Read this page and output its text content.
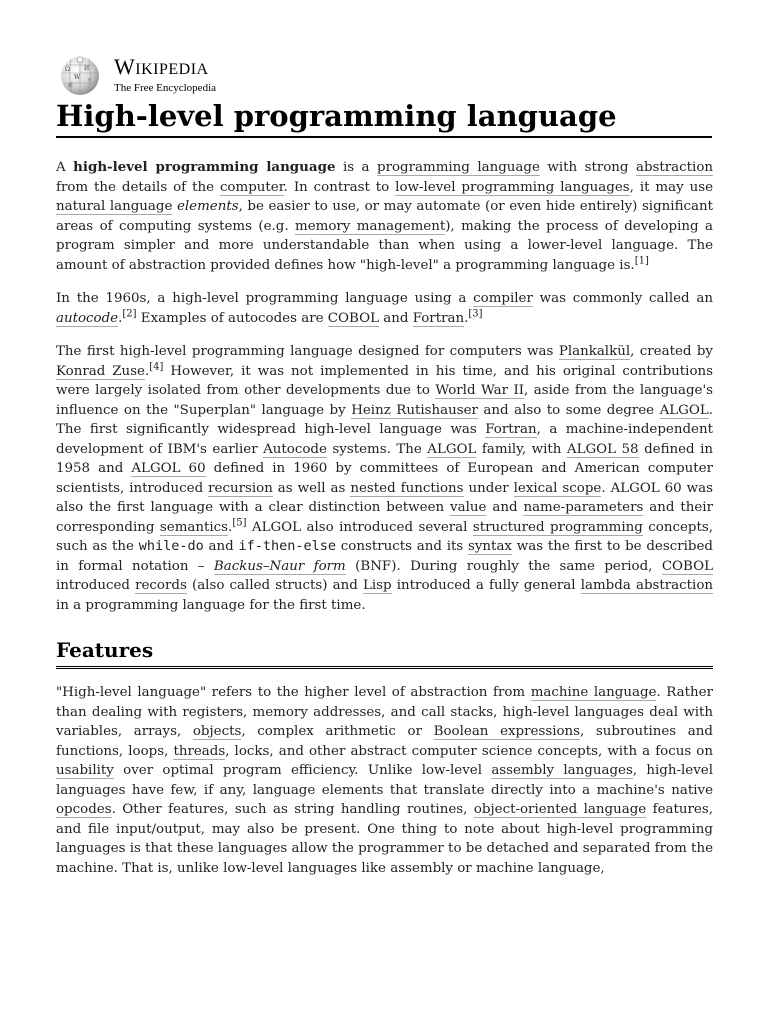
Ω
W
И
ウ
維
WIKIPEDIA
The Free Encyclopedia
High-level programming language

A high-level programming language is a programming language with strong abstraction from the details of the computer. In contrast to low-level programming languages, it may use natural language elements, be easier to use, or may automate (or even hide entirely) significant areas of computing systems (e.g. memory management), making the process of developing a program simpler and more understandable than when using a lower-level language. The amount of abstraction provided defines how "high-level" a programming language is.[1]

In the 1960s, a high-level programming language using a compiler was commonly called an autocode.[2] Examples of autocodes are COBOL and Fortran.[3]

The first high-level programming language designed for computers was Plankalkül, created by Konrad Zuse.[4] However, it was not implemented in his time, and his original contributions were largely isolated from other developments due to World War II, aside from the language's influence on the "Superplan" language by Heinz Rutishauser and also to some degree ALGOL. The first significantly widespread high-level language was Fortran, a machine-independent development of IBM's earlier Autocode systems. The ALGOL family, with ALGOL 58 defined in 1958 and ALGOL 60 defined in 1960 by committees of European and American computer scientists, introduced recursion as well as nested functions under lexical scope. ALGOL 60 was also the first language with a clear distinction between value and name-parameters and their corresponding semantics.[5] ALGOL also introduced several structured programming concepts, such as the while-do and if-then-else constructs and its syntax was the first to be described in formal notation – Backus–Naur form (BNF). During roughly the same period, COBOL introduced records (also called structs) and Lisp introduced a fully general lambda abstraction in a programming language for the first time.

Features

"High-level language" refers to the higher level of abstraction from machine language. Rather than dealing with registers, memory addresses, and call stacks, high-level languages deal with variables, arrays, objects, complex arithmetic or Boolean expressions, subroutines and functions, loops, threads, locks, and other abstract computer science concepts, with a focus on usability over optimal program efficiency. Unlike low-level assembly languages, high-level languages have few, if any, language elements that translate directly into a machine's native opcodes. Other features, such as string handling routines, object-oriented language features, and file input/output, may also be present. One thing to note about high-level programming languages is that these languages allow the programmer to be detached and separated from the machine. That is, unlike low-level languages like assembly or machine language,
